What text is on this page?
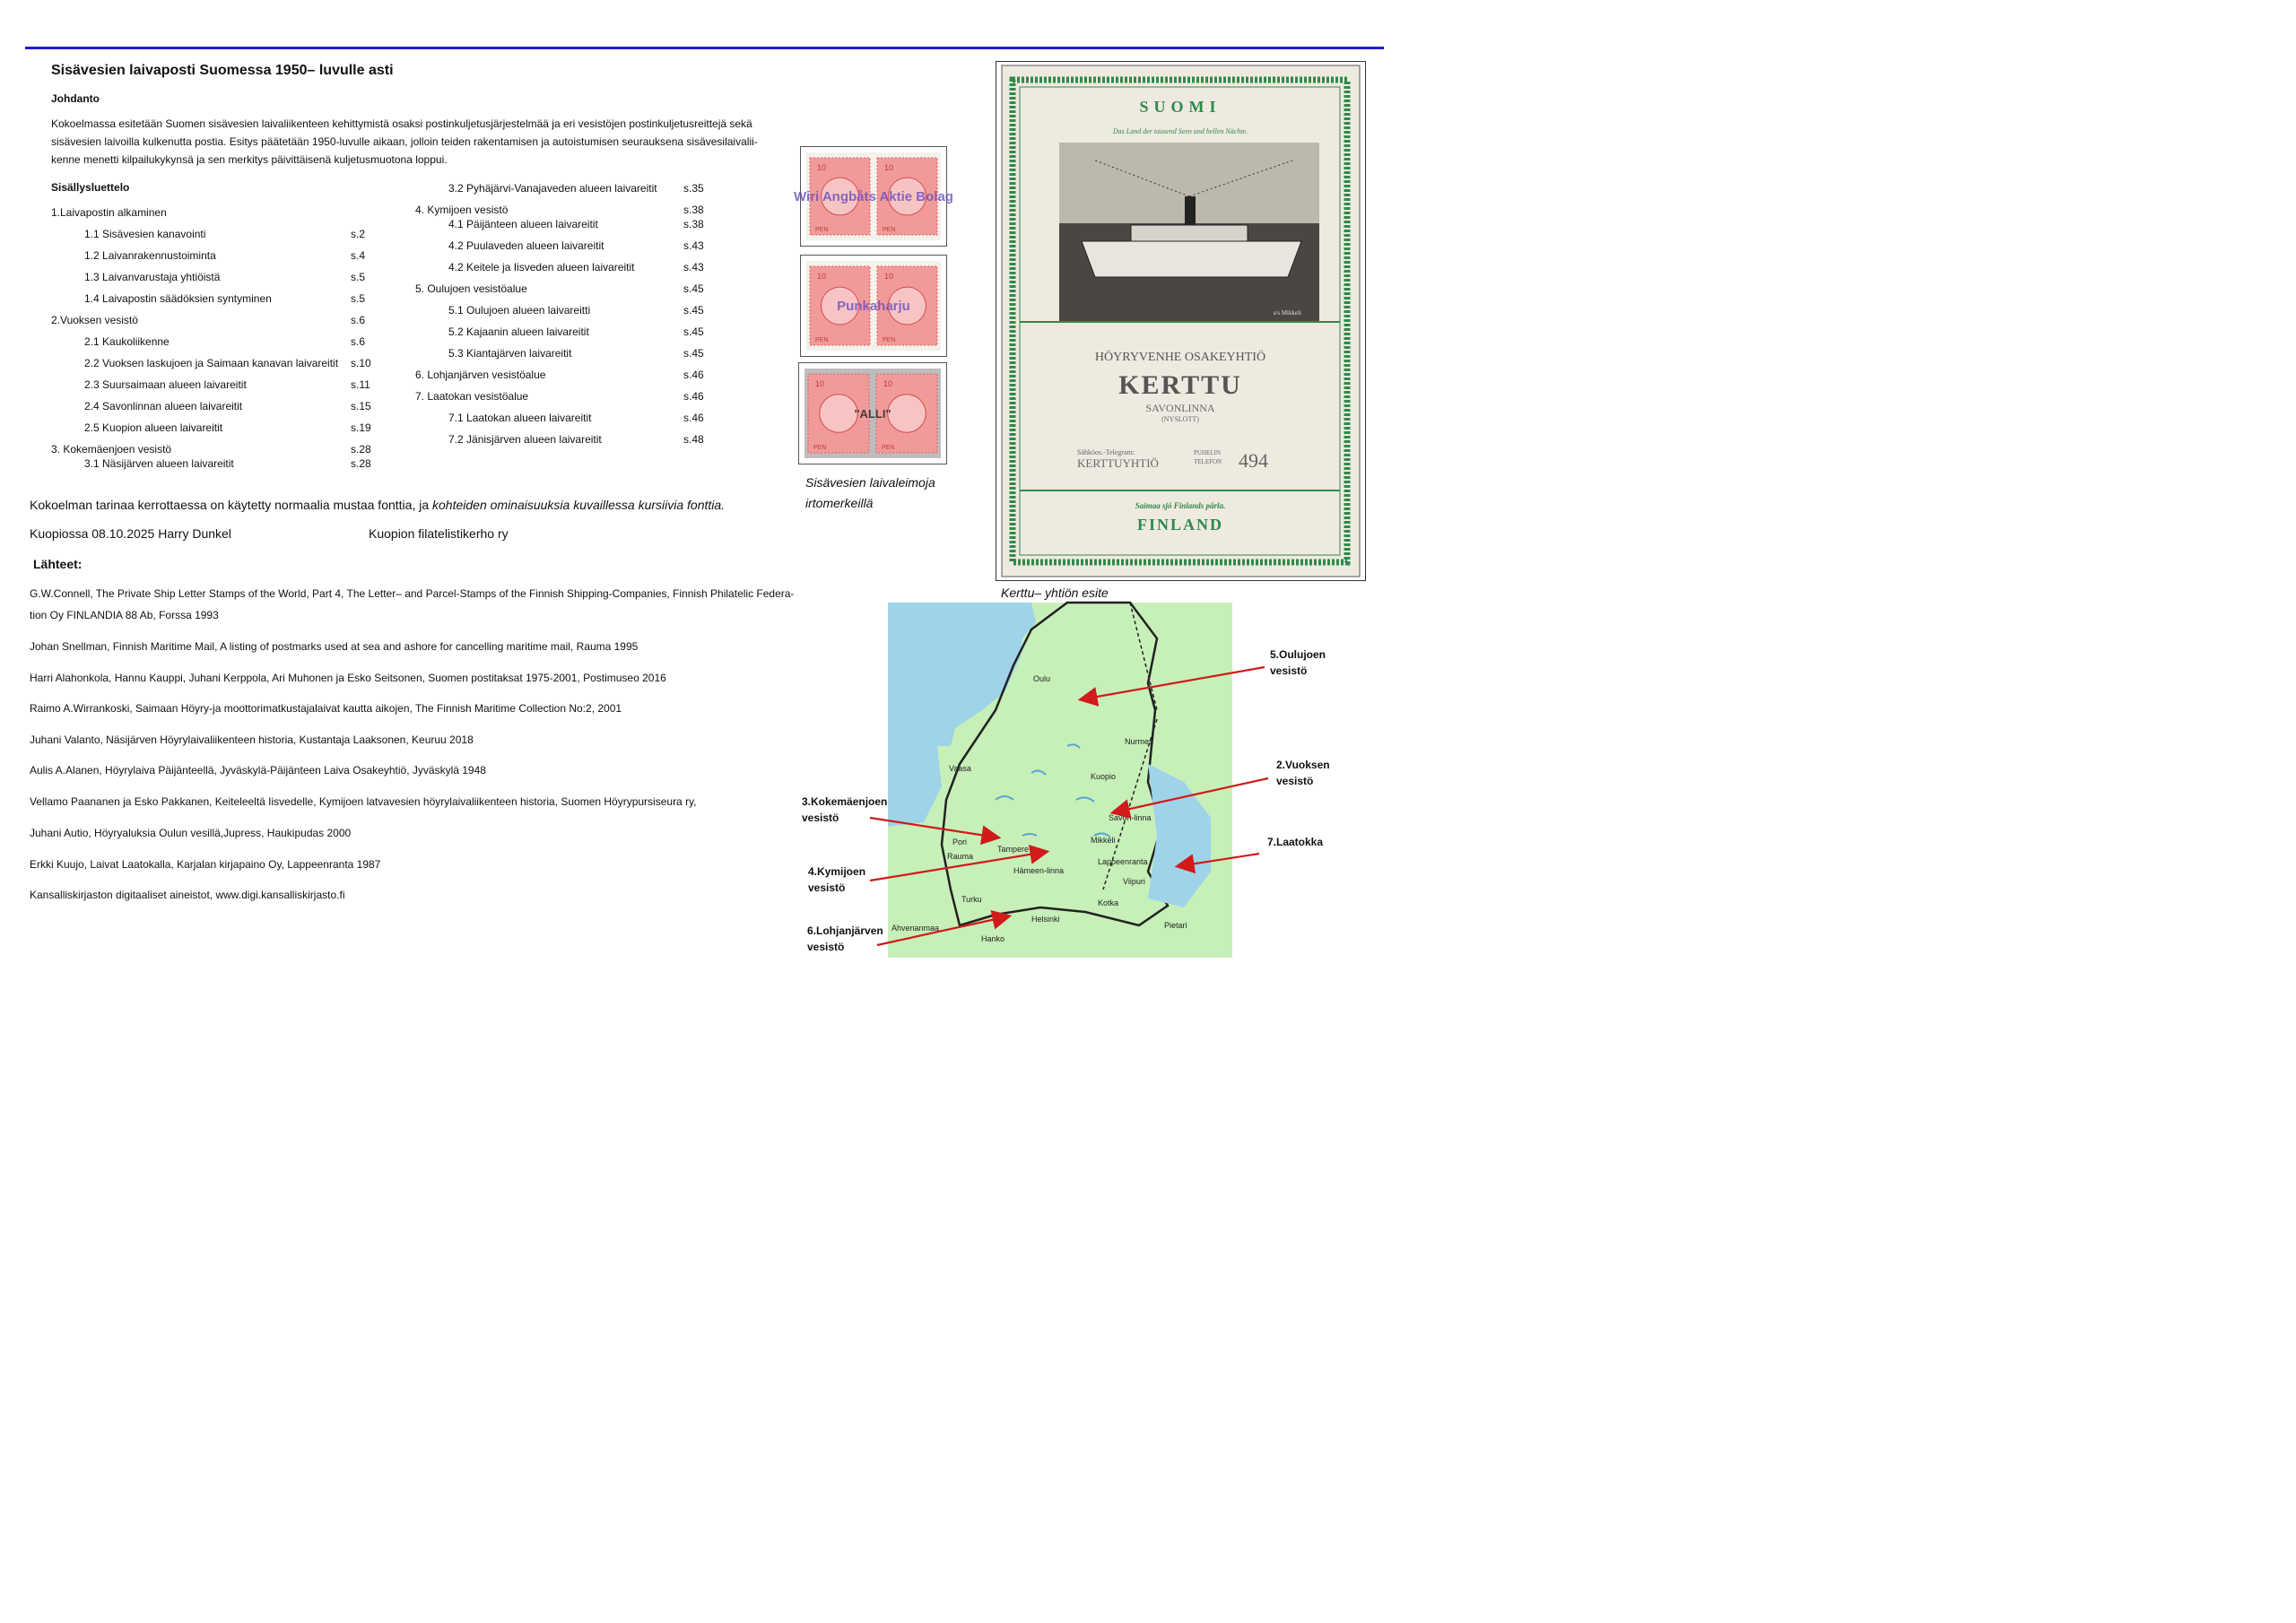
Sisävesien laivaposti Suomessa 1950– luvulle asti
Johdanto
Kokoelmassa esitetään Suomen sisävesien laivaliikenteen kehittymistä osaksi postinkuljetusjärjestelmää ja eri vesistöjen postinkuljetusreittejä sekä
sisävesien laivoilla kulkenutta postia. Esitys päätetään 1950-luvulle aikaan, jolloin teiden rakentamisen ja autoistumisen seurauksena sisävesilaivalii-
kenne menetti kilpailukykynsä ja sen merkitys päivittäisenä kuljetusmuotona loppui.
Sisällysluettelo
1.Laivapostin alkaminen
1.1 Sisävesien kanavointi	s.2
1.2 Laivanrakennustoiminta	s.4
1.3 Laivanvarustaja yhtiöistä	s.5
1.4 Laivapostin säädöksien syntyminen	s.5
2.Vuoksen vesistö	s.6
2.1 Kaukoliikenne	s.6
2.2 Vuoksen laskujoen ja Saimaan kanavan laivareitit s.10
2.3 Suursaimaan alueen laivareitit	s.11
2.4 Savonlinnan alueen laivareitit	s.15
2.5 Kuopion alueen laivareitit	s.19
3. Kokemäenjoen vesistö	s.28
3.1 Näsijärven alueen laivareitit	s.28
3.2 Pyhäjärvi-Vanajaveden alueen laivareitit s.35
4. Kymijoen vesistö	s.38
4.1 Päijänteen alueen laivareitit	s.38
4.2 Puulaveden alueen laivareitit	s.43
4.2 Keitele ja Iisveden alueen laivareitit	s.43
5. Oulujoen vesistöalue	s.45
5.1 Oulujoen alueen laivareitti	s.45
5.2 Kajaanin alueen laivareitit	s.45
5.3 Kiantajärven laivareitit	s.45
6. Lohjanjärven vesistöalue	s.46
7. Laatokan vesistöalue	s.46
7.1 Laatokan alueen laivareitit	s.46
7.2 Jänisjärven alueen laivareitit	s.48
Kokoelman tarinaa kerrottaessa on käytetty normaalia mustaa fonttia, ja kohteiden ominaisuuksia kuvaillessa kursiivia fonttia.
Kuopiossa 08.10.2025 Harry Dunkel	Kuopion filatelistikerho ry
Lähteet:
G.W.Connell, The Private Ship Letter Stamps of the World, Part 4, The Letter– and Parcel-Stamps of the Finnish Shipping-Companies, Finnish Philatelic Federa-
tion Oy FINLANDIA 88 Ab, Forssa 1993
Johan Snellman, Finnish Maritime Mail, A listing of postmarks used at sea and ashore for cancelling maritime mail, Rauma 1995
Harri Alahonkola, Hannu Kauppi, Juhani Kerppola, Ari Muhonen ja Esko Seitsonen, Suomen postitaksat 1975-2001, Postimuseo 2016
Raimo A.Wirrankoski, Saimaan Höyry-ja moottorimatkustajalaivat kautta aikojen, The Finnish Maritime Collection No:2, 2001
Juhani Valanto, Näsijärven Höyrylaivaliikenteen historia, Kustantaja Laaksonen, Keuruu 2018
Aulis A.Alanen, Höyrylaiva Päijänteellä, Jyväskylä-Päijänteen Laiva Osakeyhtiö, Jyväskylä 1948
Vellamo Paananen ja Esko Pakkanen, Keiteleeltä Iisvedelle, Kymijoen latvavesien höyrylaivaliikenteen historia, Suomen Höyrypursiseura ry,
Juhani Autio, Höyryaluksia Oulun vesillä,Jupress, Haukipudas 2000
Erkki Kuujo, Laivat Laatokalla, Karjalan kirjapaino Oy, Lappeenranta 1987
Kansalliskirjaston digitaaliset aineistot, www.digi.kansalliskirjasto.fi
10
PEN
10
PEN
Wiri Angbåts Aktie Bolag
10
PEN
10
PEN
Punkaharju
10
PEN
10
PEN
"ALLI"
Sisävesien laivaleimoja
irtomerkeillä
SUOMI
Das Land der tausend Seen und hellen Nächte.
s/s Mikkeli
HÖYRYVENHE OSAKEYHTIÖ
KERTTU
SAVONLINNA
(NYSLOTT)
Sähköos.-Telegram:
KERTTUYHTIÖ
PUHELIN
TELEFON 494
Saimaa sjö Finlands pärla.
FINLAND
Kerttu– yhtiön esite
Oulu
Nurmes
Vaasa
Kuopio
Savon-linna
Pori
Tampere
Mikkeli
Rauma
Hämeen-linna
Lappeenranta
Viipuri
Turku	Kotka
Helsinki
Ahvenanmaa
Hanko
Pietari
5.Oulujoen
vesistö
2.Vuoksen
vesistö
3.Kokemäenjoen
vesistö
7.Laatokka
4.Kymijoen
vesistö
6.Lohjanjärven
vesistö
